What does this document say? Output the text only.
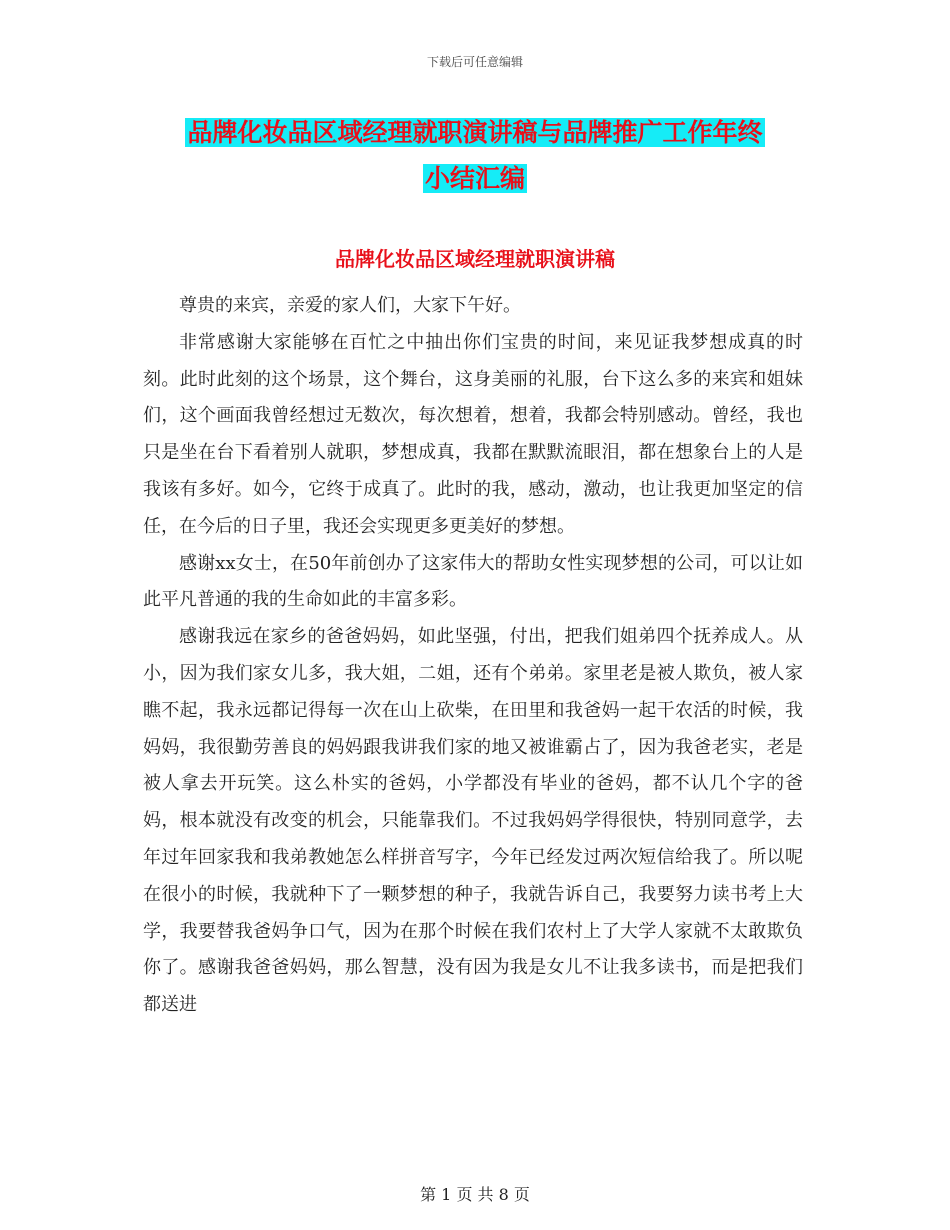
下载后可任意编辑
品牌化妆品区域经理就职演讲稿与品牌推广工作年终
小结汇编
品牌化妆品区域经理就职演讲稿

尊贵的来宾，亲爱的家人们，大家下午好。

非常感谢大家能够在百忙之中抽出你们宝贵的时间，来见证我梦想成真的时刻。此时此刻的这个场景，这个舞台，这身美丽的礼服，台下这么多的来宾和姐妹们，这个画面我曾经想过无数次，每次想着，想着，我都会特别感动。曾经，我也只是坐在台下看着别人就职，梦想成真，我都在默默流眼泪，都在想象台上的人是我该有多好。如今，它终于成真了。此时的我，感动，激动，也让我更加坚定的信任，在今后的日子里，我还会实现更多更美好的梦想。

感谢xx女士，在50年前创办了这家伟大的帮助女性实现梦想的公司，可以让如此平凡普通的我的生命如此的丰富多彩。

感谢我远在家乡的爸爸妈妈，如此坚强，付出，把我们姐弟四个抚养成人。从小，因为我们家女儿多，我大姐，二姐，还有个弟弟。家里老是被人欺负，被人家瞧不起，我永远都记得每一次在山上砍柴，在田里和我爸妈一起干农活的时候，我妈妈，我很勤劳善良的妈妈跟我讲我们家的地又被谁霸占了，因为我爸老实，老是被人拿去开玩笑。这么朴实的爸妈，小学都没有毕业的爸妈，都不认几个字的爸妈，根本就没有改变的机会，只能靠我们。不过我妈妈学得很快，特别同意学，去年过年回家我和我弟教她怎么样拼音写字，今年已经发过两次短信给我了。所以呢在很小的时候，我就种下了一颗梦想的种子，我就告诉自己，我要努力读书考上大学，我要替我爸妈争口气，因为在那个时候在我们农村上了大学人家就不太敢欺负你了。感谢我爸爸妈妈，那么智慧，没有因为我是女儿不让我多读书，而是把我们都送进

第 1 页 共 8 页
